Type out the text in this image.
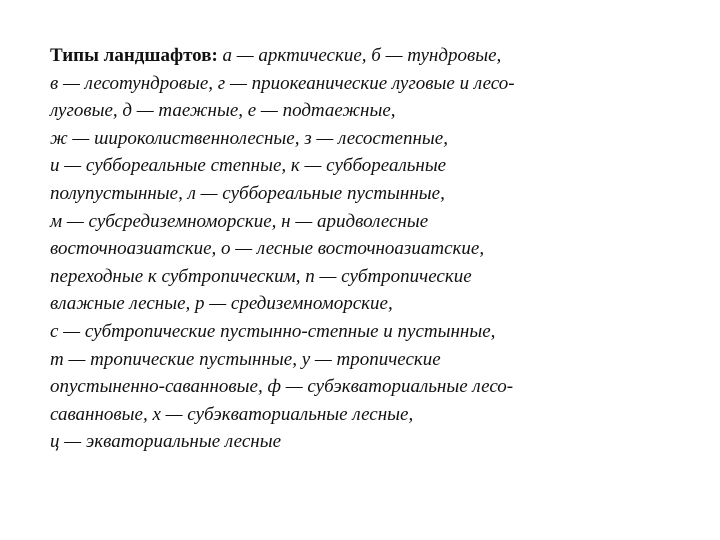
Типы ландшафтов: а — арктические, б — тундровые,
в — лесотундровые, г — приокеанические луговые и лесо-
луговые, д — таежные, е — подтаежные,
ж — широколиственнолесные, з — лесостепные,
и — суббореальные степные, к — суббореальные
полупустынные, л — суббореальные пустынные,
м — субсредиземноморские, н — аридволесные
восточноазиатские, о — лесные восточноазиатские,
переходные к субтропическим, п — субтропические
влажные лесные, р — средиземноморские,
с — субтропические пустынно-степные и пустынные,
т — тропические пустынные, у — тропические
опустыненно-саванновые, ф — субэкваториальные лесо-
саванновые, х — субэкваториальные лесные,
ц — экваториальные лесные
